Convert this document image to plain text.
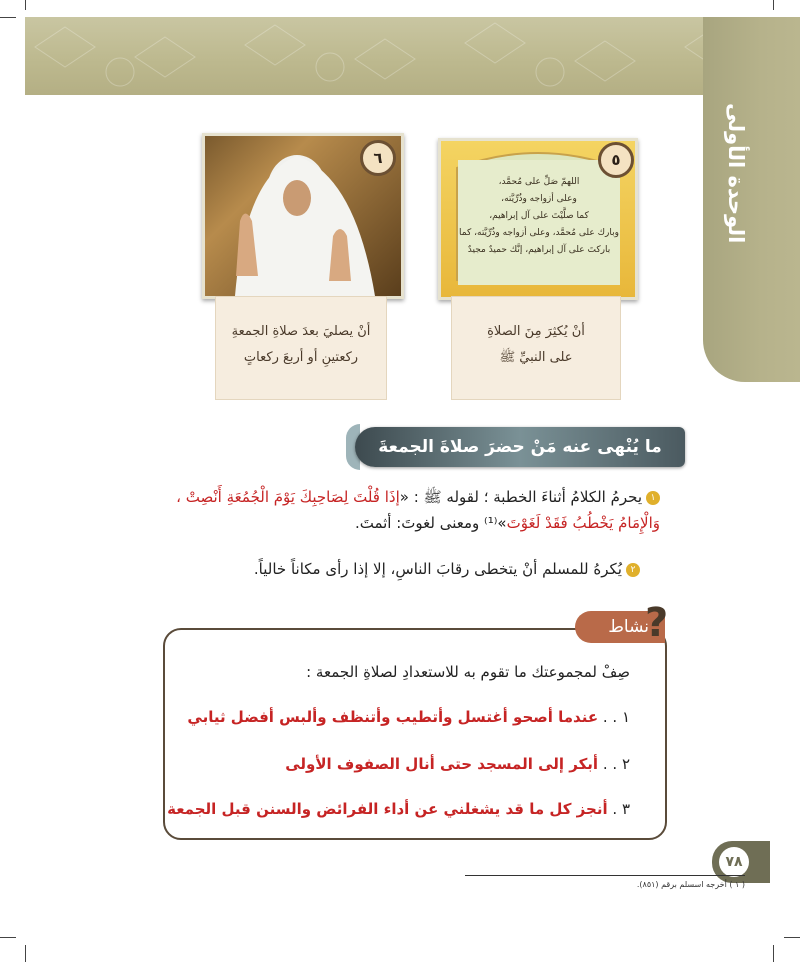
الوحدة الأولى
اللهمّ صَلِّ على مُحمَّد،
وعلى أزواجه وذُرِّيَّته،
كما صلَّيْتَ على آل إبراهيم،
وبارك على مُحمَّد، وعلى أزواجه وذُرِّيَّته، كما
باركتَ على آل إبراهيم، إنَّك حميدٌ مجيدٌ
٥
أنْ يُكثِرَ مِنَ الصلاةِ
على النبيِّ ﷺ
٦
أنْ يصليَ بعدَ صلاةِ الجمعةِ
ركعتينِ أو أربعَ ركعاتٍ
ما يُنْهى عنه مَنْ حضرَ صلاةَ الجمعةَ
١يحرمُ الكلامُ أثناءَ الخطبة ؛ لقوله ﷺ : «إذَا قُلْتَ لِصَاحِبِكَ يَوْمَ الْجُمُعَةِ أَنْصِتْ ،
وَالْإِمَامُ يَخْطُبُ فَقَدْ لَغَوْتَ»⁽¹⁾ ومعنى لغوتَ: أثمتَ.
٢يُكرهُ للمسلم أنْ يتخطى رقابَ الناسِ، إلا إذا رأى مكاناً خالياً.
نشاط
?
صِفْ لمجموعتك ما تقوم به للاستعدادِ لصلاةِ الجمعة :
١ . . عندما أصحو أغتسل وأتطيب وأتنظف وألبس أفضل ثيابي
٢ . . أبكر إلى المسجد حتى أنال الصفوف الأولى
٣ . أنجز كل ما قد يشغلني عن أداء الفرائض والسنن قبل الجمعة
٧٨
( ١ ) أخرجه اسسلم برقم (٨٥١).
